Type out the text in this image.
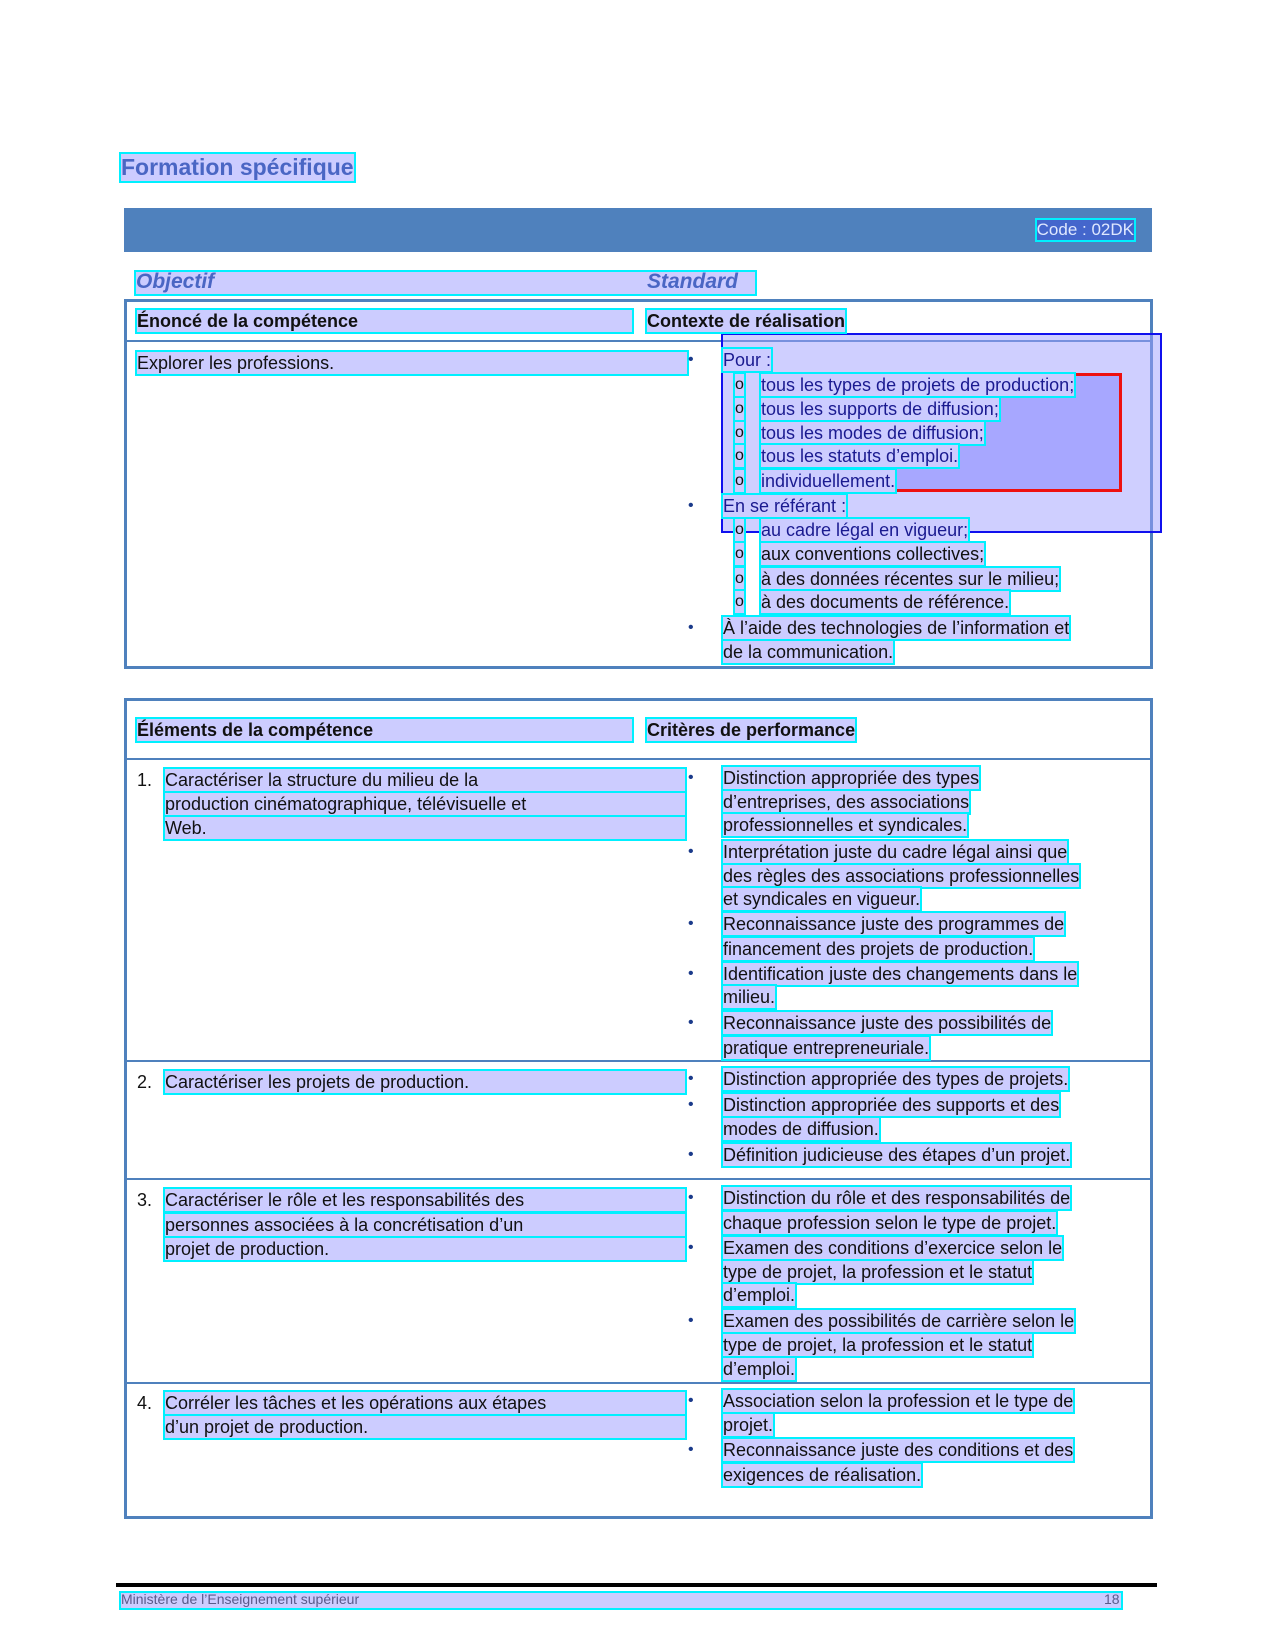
Formation spécifique
Code : 02DK
Objectif	Standard
Énoncé de la compétence	Contexte de réalisation
Explorer les professions.	• Pour :
o tous les types de projets de production;
o tous les supports de diffusion;
o tous les modes de diffusion;
o tous les statuts d’emploi.
o individuellement.
• En se référant :
o au cadre légal en vigueur;
o aux conventions collectives;
o à des données récentes sur le milieu;
o à des documents de référence.
• À l’aide des technologies de l’information et
de la communication.
Éléments de la compétence	Critères de performance
1. Caractériser la structure du milieu de la
production cinématographique, télévisuelle et
Web.
• Distinction appropriée des types
d’entreprises, des associations
professionnelles et syndicales.
• Interprétation juste du cadre légal ainsi que
des règles des associations professionnelles
et syndicales en vigueur.
• Reconnaissance juste des programmes de
financement des projets de production.
• Identification juste des changements dans le
milieu.
• Reconnaissance juste des possibilités de
pratique entrepreneuriale.
2. Caractériser les projets de production.	• Distinction appropriée des types de projets.
• Distinction appropriée des supports et des
modes de diffusion.
• Définition judicieuse des étapes d’un projet.
3. Caractériser le rôle et les responsabilités des
personnes associées à la concrétisation d’un
projet de production.
• Distinction du rôle et des responsabilités de
chaque profession selon le type de projet.
• Examen des conditions d’exercice selon le
type de projet, la profession et le statut
d’emploi.
• Examen des possibilités de carrière selon le
type de projet, la profession et le statut
d’emploi.
4. Corréler les tâches et les opérations aux étapes
d’un projet de production.
• Association selon la profession et le type de
projet.
• Reconnaissance juste des conditions et des
exigences de réalisation.
Ministère de l’Enseignement supérieur	18
